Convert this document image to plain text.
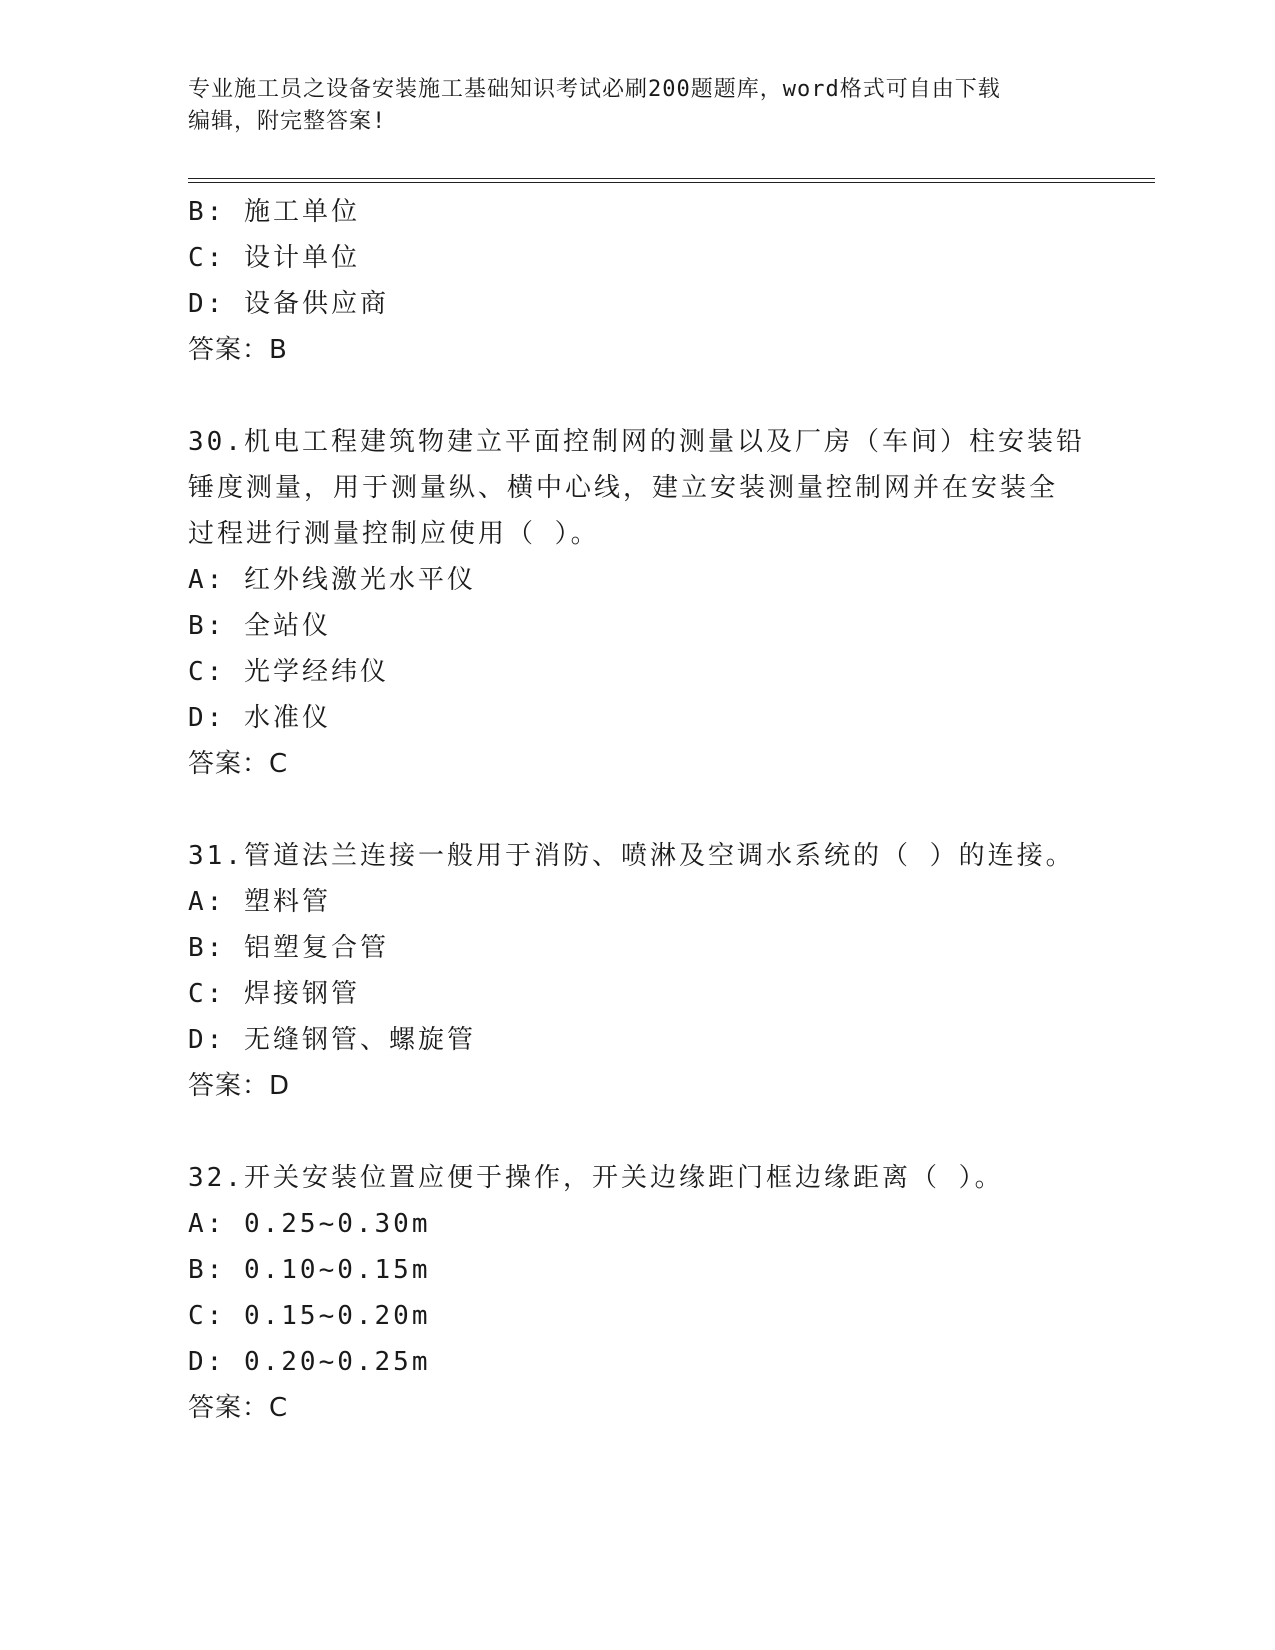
专业施工员之设备安装施工基础知识考试必刷200题题库，word格式可自由下载
编辑，附完整答案!
B: 施工单位
C: 设计单位
D: 设备供应商
答案：B
30.机电工程建筑物建立平面控制网的测量以及厂房（车间）柱安装铅
锤度测量，用于测量纵、横中心线，建立安装测量控制网并在安装全
过程进行测量控制应使用（ ）。
A: 红外线激光水平仪
B: 全站仪
C: 光学经纬仪
D: 水准仪
答案：C
31.管道法兰连接一般用于消防、喷淋及空调水系统的（ ）的连接。
A: 塑料管
B: 铝塑复合管
C: 焊接钢管
D: 无缝钢管、螺旋管
答案：D
32.开关安装位置应便于操作，开关边缘距门框边缘距离（ ）。
A: 0.25~0.30m
B: 0.10~0.15m
C: 0.15~0.20m
D: 0.20~0.25m
答案：C
